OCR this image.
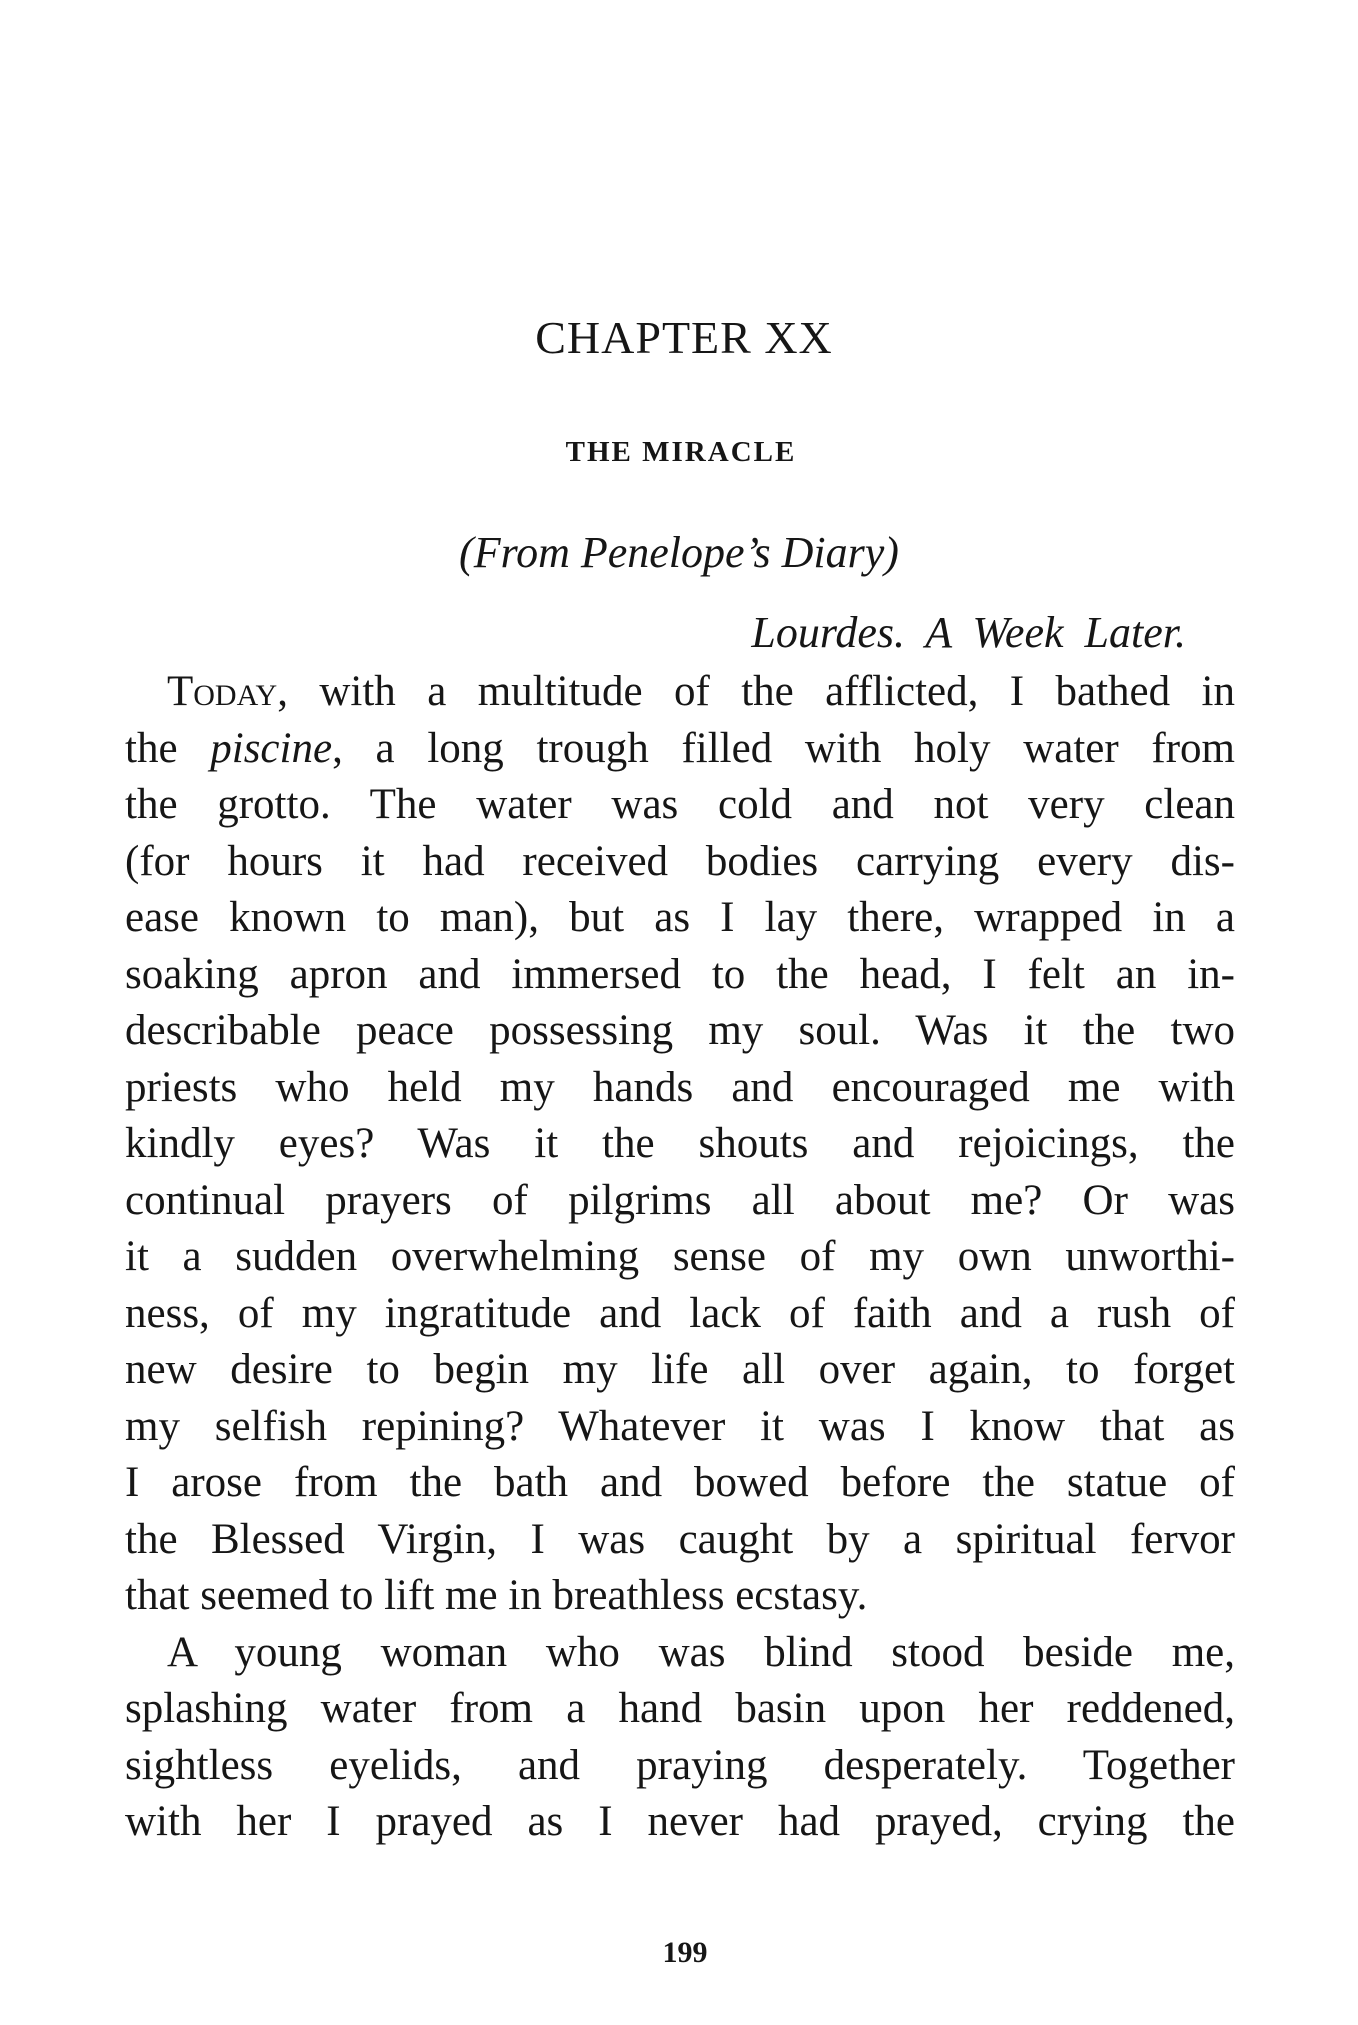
CHAPTER XX
THE MIRACLE

(From Penelope’s Diary)

Lourdes. A Week Later.

Today, with a multitude of the afflicted, I bathed in
the piscine, a long trough filled with holy water from
the grotto. The water was cold and not very clean
(for hours it had received bodies carrying every dis-
ease known to man), but as I lay there, wrapped in a
soaking apron and immersed to the head, I felt an in-
describable peace possessing my soul. Was it the two
priests who held my hands and encouraged me with
kindly eyes? Was it the shouts and rejoicings, the
continual prayers of pilgrims all about me? Or was
it a sudden overwhelming sense of my own unworthi-
ness, of my ingratitude and lack of faith and a rush of
new desire to begin my life all over again, to forget
my selfish repining? Whatever it was I know that as
I arose from the bath and bowed before the statue of
the Blessed Virgin, I was caught by a spiritual fervor
that seemed to lift me in breathless ecstasy.

A young woman who was blind stood beside me,
splashing water from a hand basin upon her reddened,
sightless eyelids, and praying desperately. Together
with her I prayed as I never had prayed, crying the

199
